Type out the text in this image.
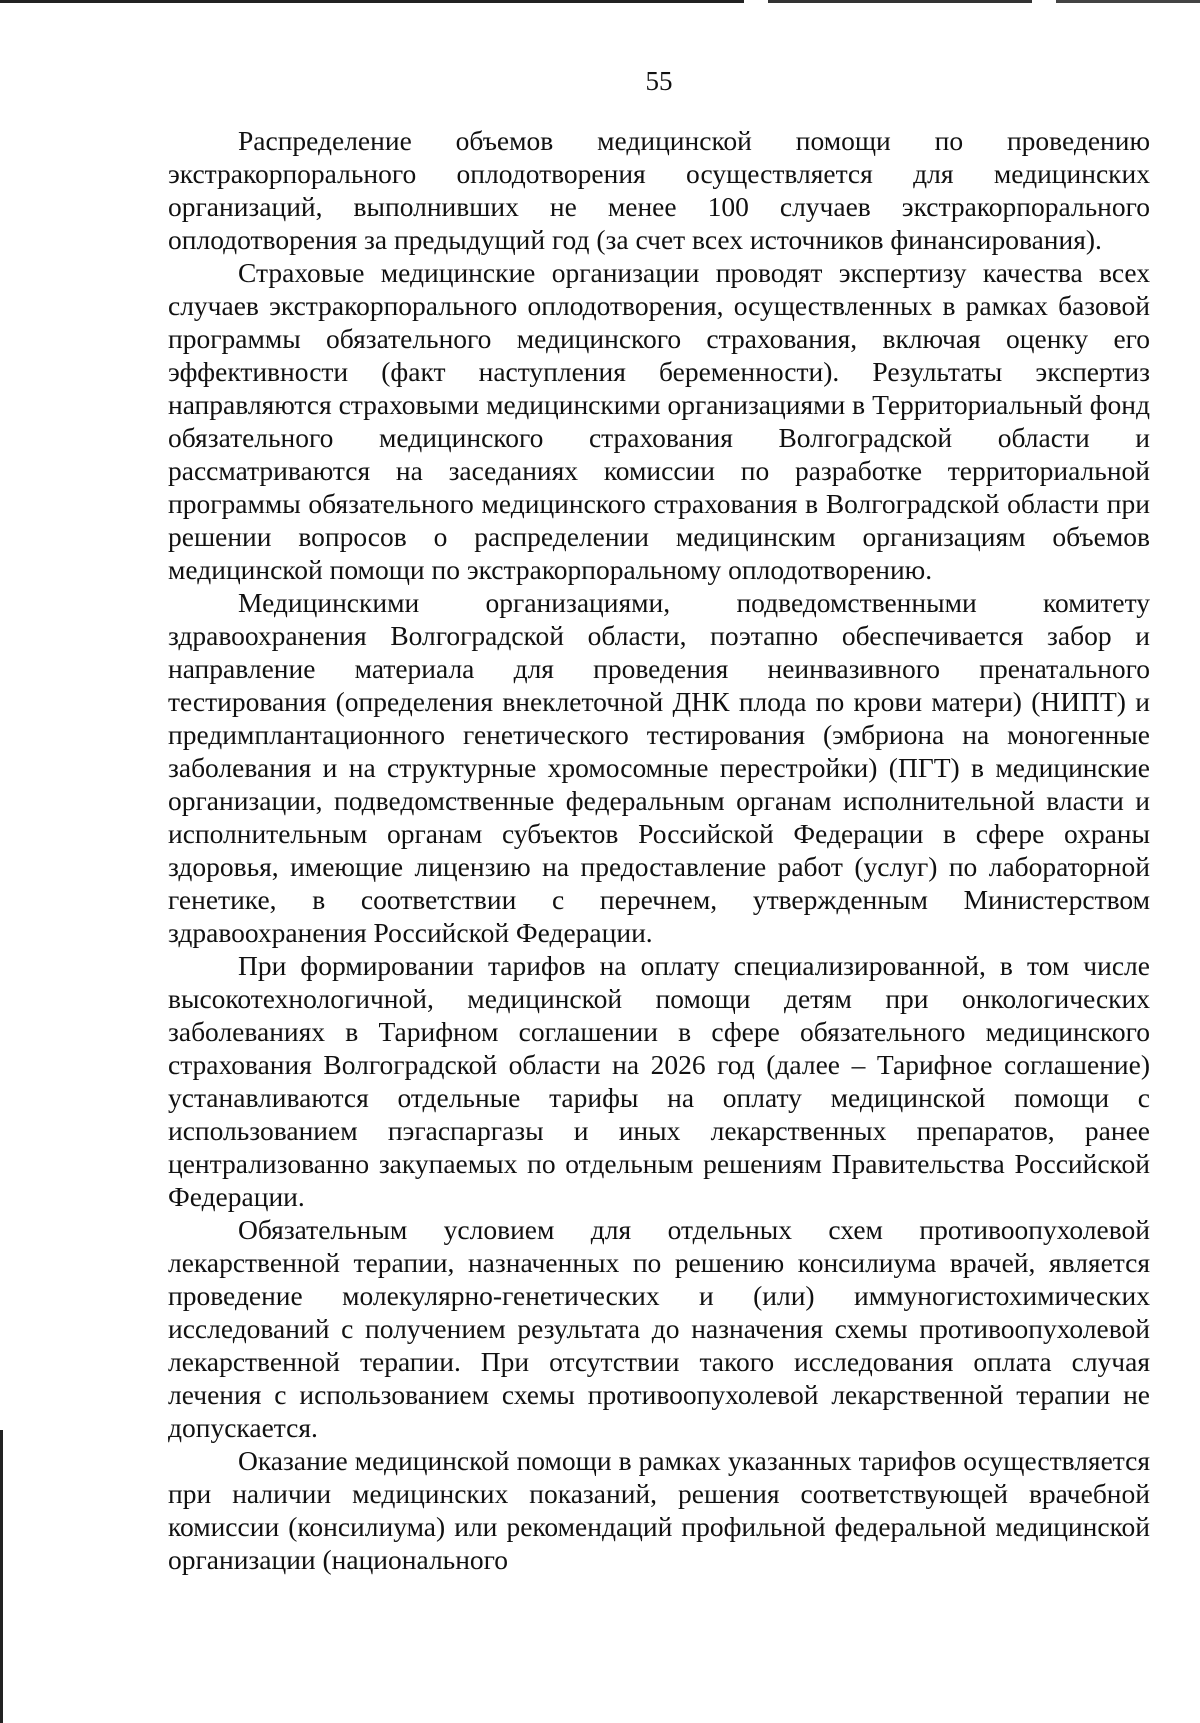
55

Распределение объемов медицинской помощи по проведению экстракорпорального оплодотворения осуществляется для медицинских организаций, выполнивших не менее 100 случаев экстракорпорального оплодотворения за предыдущий год (за счет всех источников финансирования).

Страховые медицинские организации проводят экспертизу качества всех случаев экстракорпорального оплодотворения, осуществленных в рамках базовой программы обязательного медицинского страхования, включая оценку его эффективности (факт наступления беременности). Результаты экспертиз направляются страховыми медицинскими организациями в Территориальный фонд обязательного медицинского страхования Волгоградской области и рассматриваются на заседаниях комиссии по разработке территориальной программы обязательного медицинского страхования в Волгоградской области при решении вопросов о распределении медицинским организациям объемов медицинской помощи по экстракорпоральному оплодотворению.

Медицинскими организациями, подведомственными комитету здравоохранения Волгоградской области, поэтапно обеспечивается забор и направление материала для проведения неинвазивного пренатального тестирования (определения внеклеточной ДНК плода по крови матери) (НИПТ) и предимплантационного генетического тестирования (эмбриона на моногенные заболевания и на структурные хромосомные перестройки) (ПГТ) в медицинские организации, подведомственные федеральным органам исполнительной власти и исполнительным органам субъектов Российской Федерации в сфере охраны здоровья, имеющие лицензию на предоставление работ (услуг) по лабораторной генетике, в соответствии с перечнем, утвержденным Министерством здравоохранения Российской Федерации.

При формировании тарифов на оплату специализированной, в том числе высокотехнологичной, медицинской помощи детям при онкологических заболеваниях в Тарифном соглашении в сфере обязательного медицинского страхования Волгоградской области на 2026 год (далее – Тарифное соглашение) устанавливаются отдельные тарифы на оплату медицинской помощи с использованием пэгаспаргазы и иных лекарственных препаратов, ранее централизованно закупаемых по отдельным решениям Правительства Российской Федерации.

Обязательным условием для отдельных схем противоопухолевой лекарственной терапии, назначенных по решению консилиума врачей, является проведение молекулярно-генетических и (или) иммуногистохимических исследований с получением результата до назначения схемы противоопухолевой лекарственной терапии. При отсутствии такого исследования оплата случая лечения с использованием схемы противоопухолевой лекарственной терапии не допускается.

Оказание медицинской помощи в рамках указанных тарифов осуществляется при наличии медицинских показаний, решения соответствующей врачебной комиссии (консилиума) или рекомендаций профильной федеральной медицинской организации (национального
